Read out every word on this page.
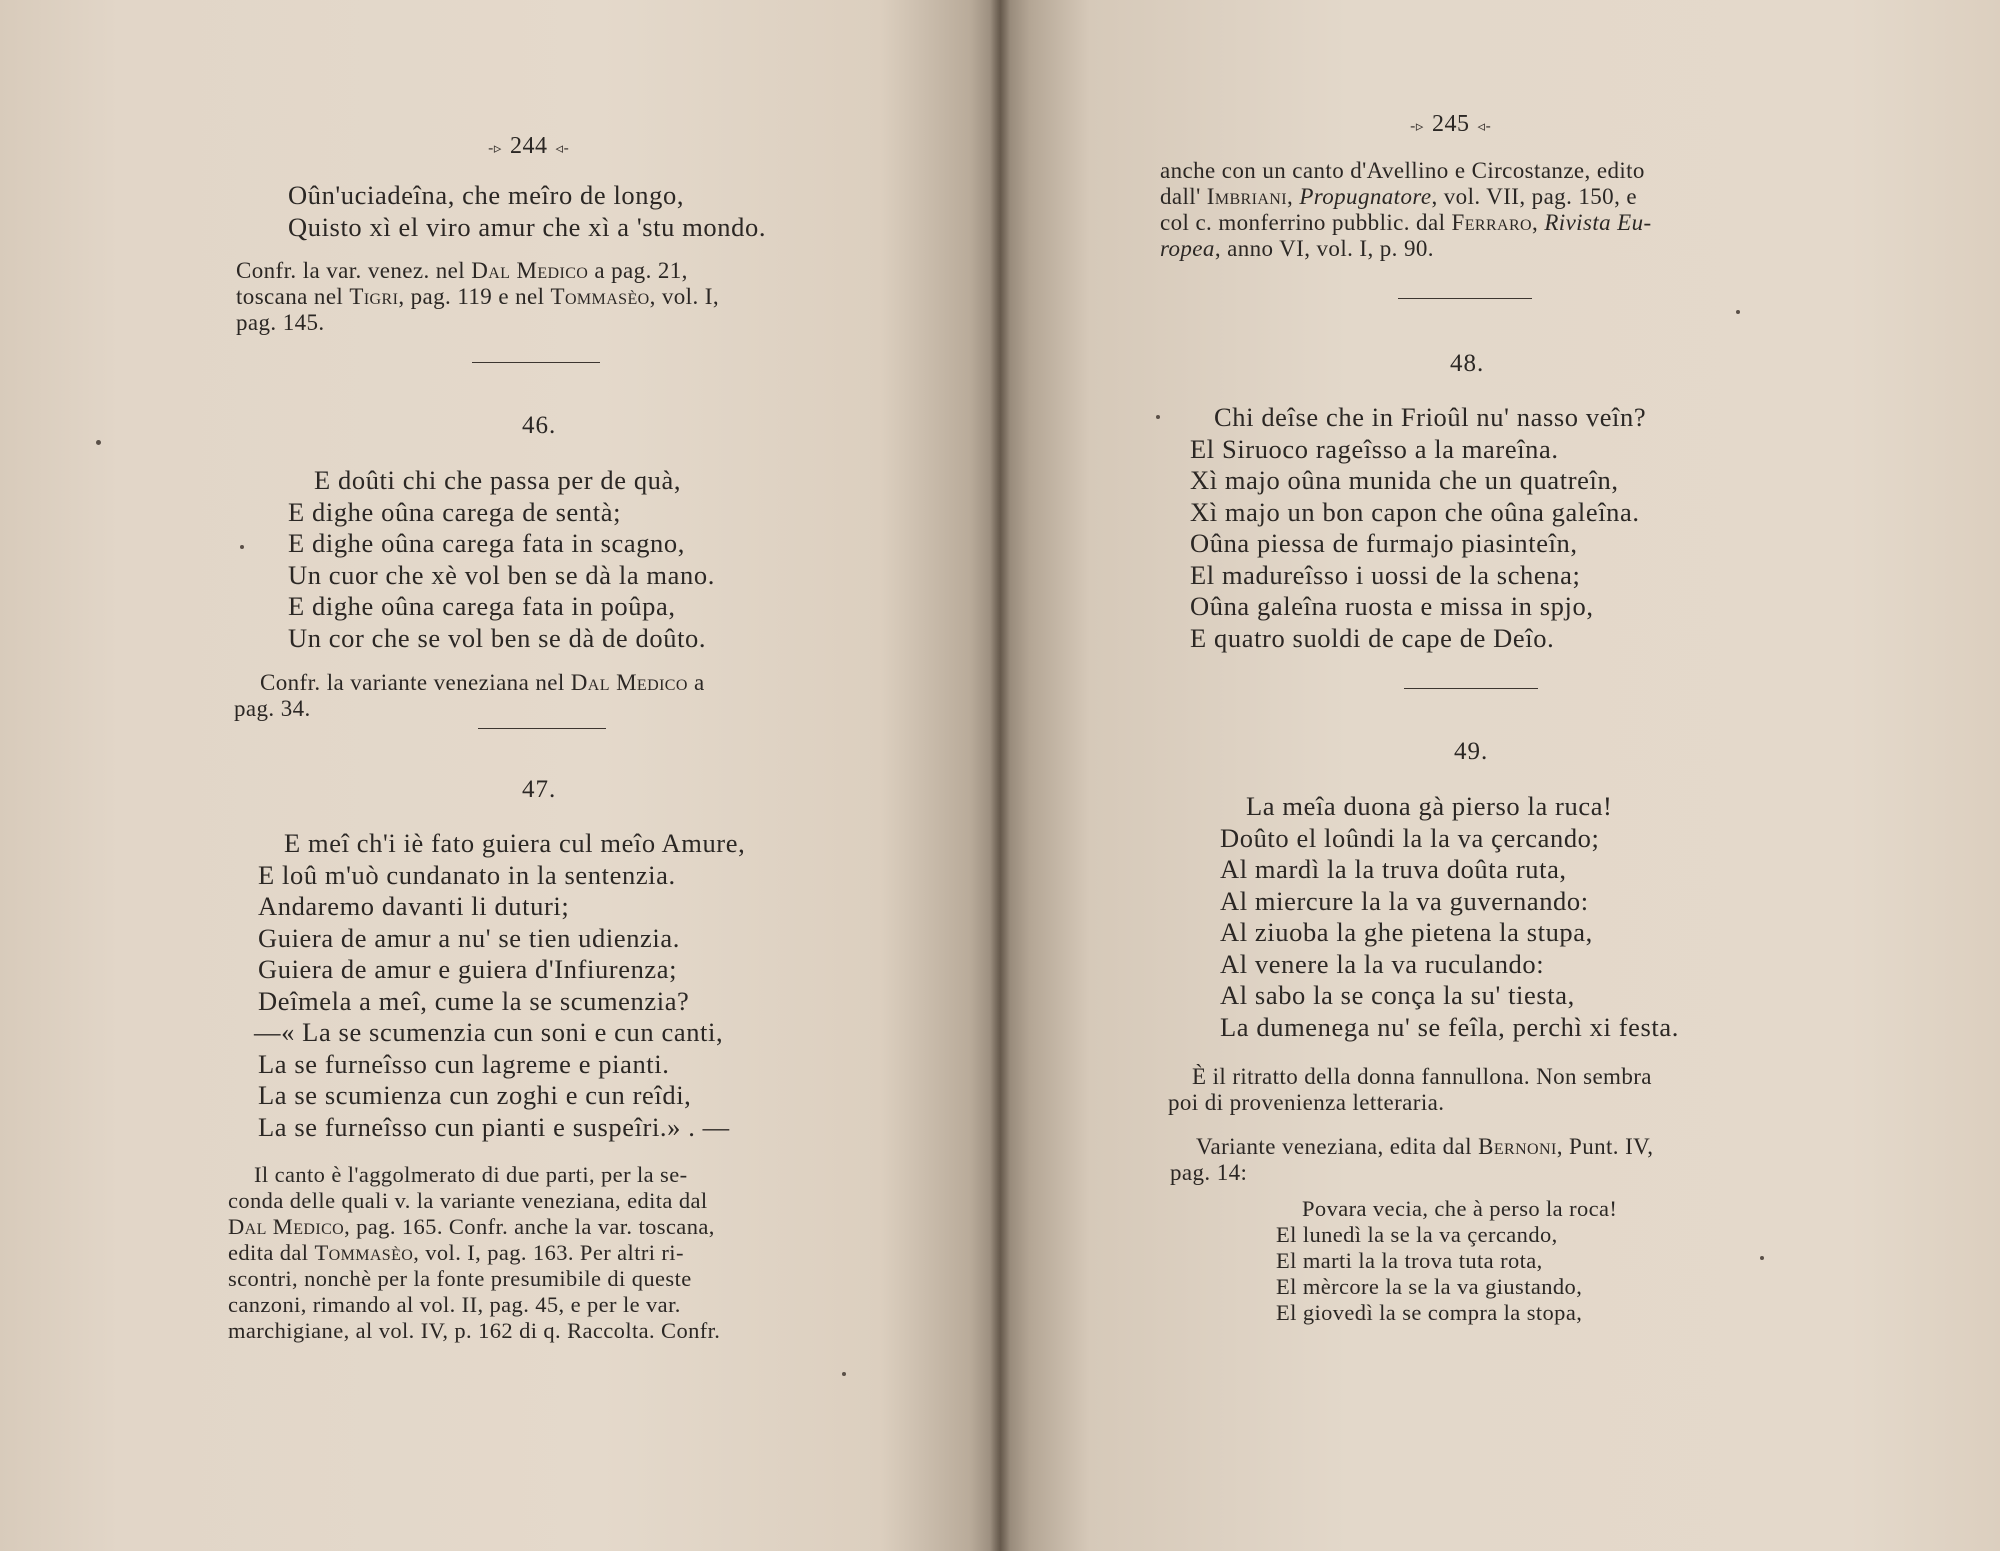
-▹ 244 ◃-
Oûn'uciadeîna, che meîro de longo,
Quisto xì el viro amur che xì a 'stu mondo.
Confr. la var. venez. nel Dal Medico a pag. 21,
toscana nel Tigri, pag. 119 e nel Tommasèo, vol. I,
pag. 145.
46.
E doûti chi che passa per de quà,
E dighe oûna carega de sentà;
E dighe oûna carega fata in scagno,
Un cuor che xè vol ben se dà la mano.
E dighe oûna carega fata in poûpa,
Un cor che se vol ben se dà de doûto.
Confr. la variante veneziana nel Dal Medico a
pag. 34.
47.
E meî ch'i iè fato guiera cul meîo Amure,
E loû m'uò cundanato in la sentenzia.
Andaremo davanti li duturi;
Guiera de amur a nu' se tien udienzia.
Guiera de amur e guiera d'Infiurenza;
Deîmela a meî, cume la se scumenzia?
—« La se scumenzia cun soni e cun canti,
La se furneîsso cun lagreme e pianti.
La se scumienza cun zoghi e cun reîdi,
La se furneîsso cun pianti e suspeîri.» . —
Il canto è l'aggolmerato di due parti, per la se-
conda delle quali v. la variante veneziana, edita dal
Dal Medico, pag. 165. Confr. anche la var. toscana,
edita dal Tommasèo, vol. I, pag. 163. Per altri ri-
scontri, nonchè per la fonte presumibile di queste
canzoni, rimando al vol. II, pag. 45, e per le var.
marchigiane, al vol. IV, p. 162 di q. Raccolta. Confr.
-▹ 245 ◃-
anche con un canto d'Avellino e Circostanze, edito
dall' Imbriani, Propugnatore, vol. VII, pag. 150, e
col c. monferrino pubblic. dal Ferraro, Rivista Eu-
ropea, anno VI, vol. I, p. 90.
48.
Chi deîse che in Frioûl nu' nasso veîn?
El Siruoco rageîsso a la mareîna.
Xì majo oûna munida che un quatreîn,
Xì majo un bon capon che oûna galeîna.
Oûna piessa de furmajo piasinteîn,
El madureîsso i uossi de la schena;
Oûna galeîna ruosta e missa in spjo,
E quatro suoldi de cape de Deîo.
49.
La meîa duona gà pierso la ruca!
Doûto el loûndi la la va çercando;
Al mardì la la truva doûta ruta,
Al miercure la la va guvernando:
Al ziuoba la ghe pietena la stupa,
Al venere la la va ruculando:
Al sabo la se conça la su' tiesta,
La dumenega nu' se feîla, perchì xi festa.
È il ritratto della donna fannullona. Non sembra
poi di provenienza letteraria.
Variante veneziana, edita dal Bernoni, Punt. IV,
pag. 14:
Povara vecia, che à perso la roca!
El lunedì la se la va çercando,
El marti la la trova tuta rota,
El mèrcore la se la va giustando,
El giovedì la se compra la stopa,
